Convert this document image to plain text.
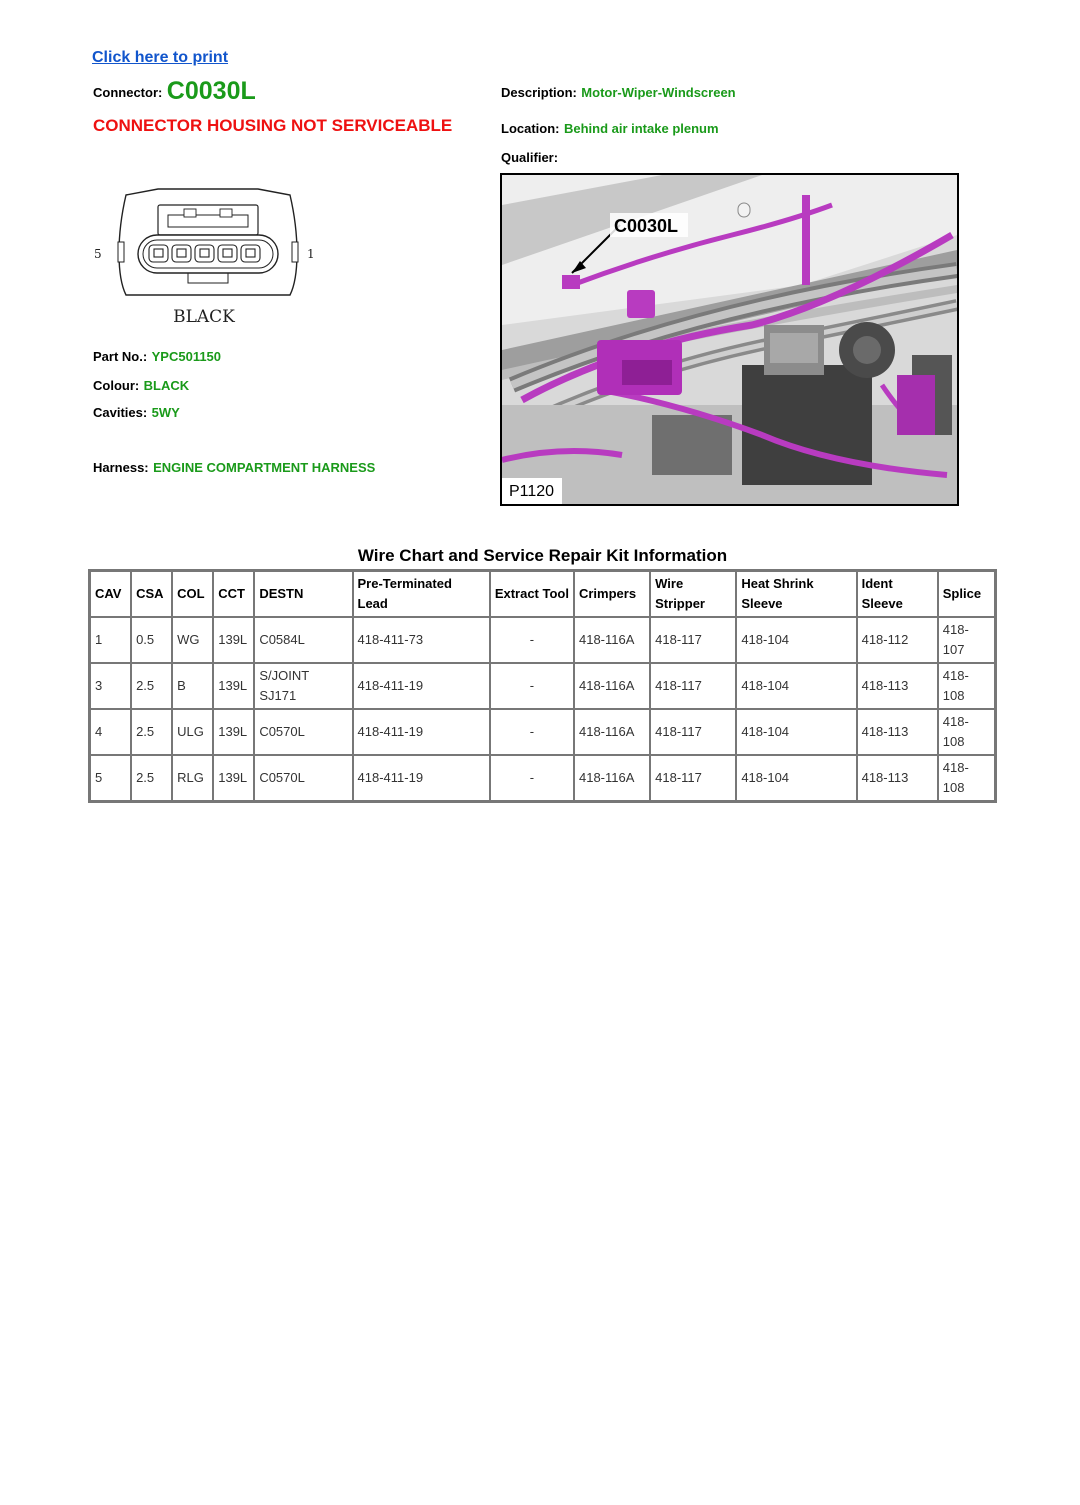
Click here to print
Connector: C0030L
CONNECTOR HOUSING NOT SERVICEABLE
Description: Motor-Wiper-Windscreen
Location: Behind air intake plenum
Qualifier:
5	1
BLACK
Part No.: YPC501150
Colour: BLACK
Cavities: 5WY
Harness: ENGINE COMPARTMENT HARNESS
C0030L
P1120
Wire Chart and Service Repair Kit Information
CAV	CSA	COL	CCT	DESTN	Pre-Terminated Lead	Extract Tool	Crimpers	Wire Stripper	Heat Shrink Sleeve	Ident Sleeve	Splice
1	0.5	WG	139L	C0584L	418-411-73	-	418-116A	418-117	418-104	418-112	418-107
3	2.5	B	139L	S/JOINT SJ171	418-411-19	-	418-116A	418-117	418-104	418-113	418-108
4	2.5	ULG	139L	C0570L	418-411-19	-	418-116A	418-117	418-104	418-113	418-108
5	2.5	RLG	139L	C0570L	418-411-19	-	418-116A	418-117	418-104	418-113	418-108
